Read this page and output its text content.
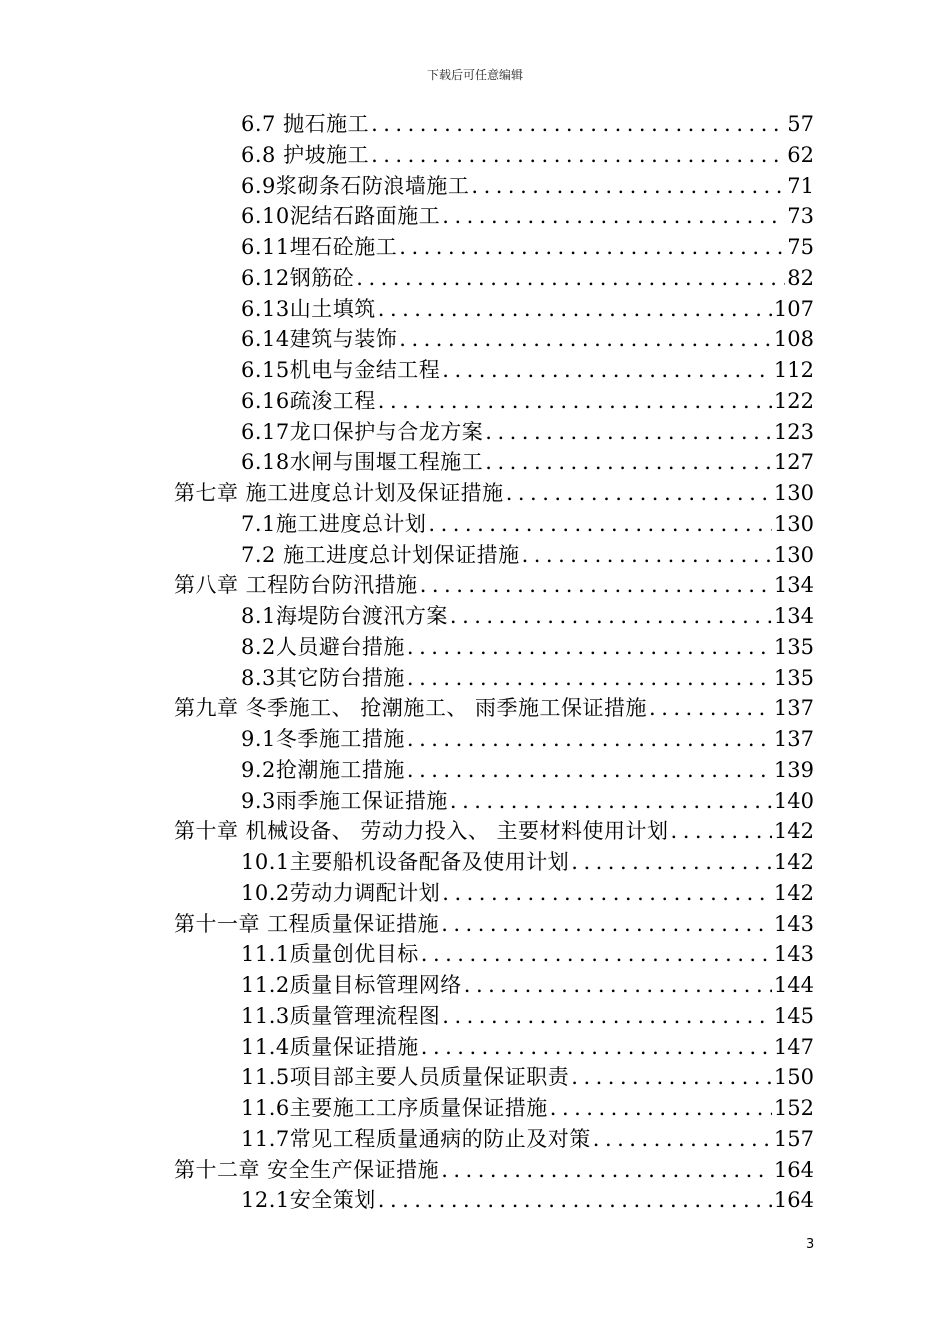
下载后可任意编辑
6.7 抛石施工 .....	57
6.8 护坡施工 .....	62
6.9浆砌条石防浪墙施工 .....	71
6.10泥结石路面施工 .....	73
6.11埋石砼施工 .....	75
6.12钢筋砼 .....	82
6.13山土填筑 .....	107
6.14建筑与装饰 .....	108
6.15机电与金结工程 .....	112
6.16疏浚工程 .....	122
6.17龙口保护与合龙方案 .....	123
6.18水闸与围堰工程施工 .....	127
第七章 施工进度总计划及保证措施 .....	130
7.1施工进度总计划 .....	130
7.2 施工进度总计划保证措施 .....	130
第八章 工程防台防汛措施 .....	134
8.1海堤防台渡汛方案 .....	134
8.2人员避台措施 .....	135
8.3其它防台措施 .....	135
第九章 冬季施工、 抢潮施工、 雨季施工保证措施 .....	137
9.1冬季施工措施 .....	137
9.2抢潮施工措施 .....	139
9.3雨季施工保证措施 .....	140
第十章 机械设备、 劳动力投入、 主要材料使用计划 .....	142
10.1主要船机设备配备及使用计划 .....	142
10.2劳动力调配计划 .....	142
第十一章 工程质量保证措施 .....	143
11.1质量创优目标 .....	143
11.2质量目标管理网络 .....	144
11.3质量管理流程图 .....	145
11.4质量保证措施 .....	147
11.5项目部主要人员质量保证职责 .....	150
11.6主要施工工序质量保证措施 .....	152
11.7常见工程质量通病的防止及对策 .....	157
第十二章 安全生产保证措施 .....	164
12.1安全策划 .....	164
3
